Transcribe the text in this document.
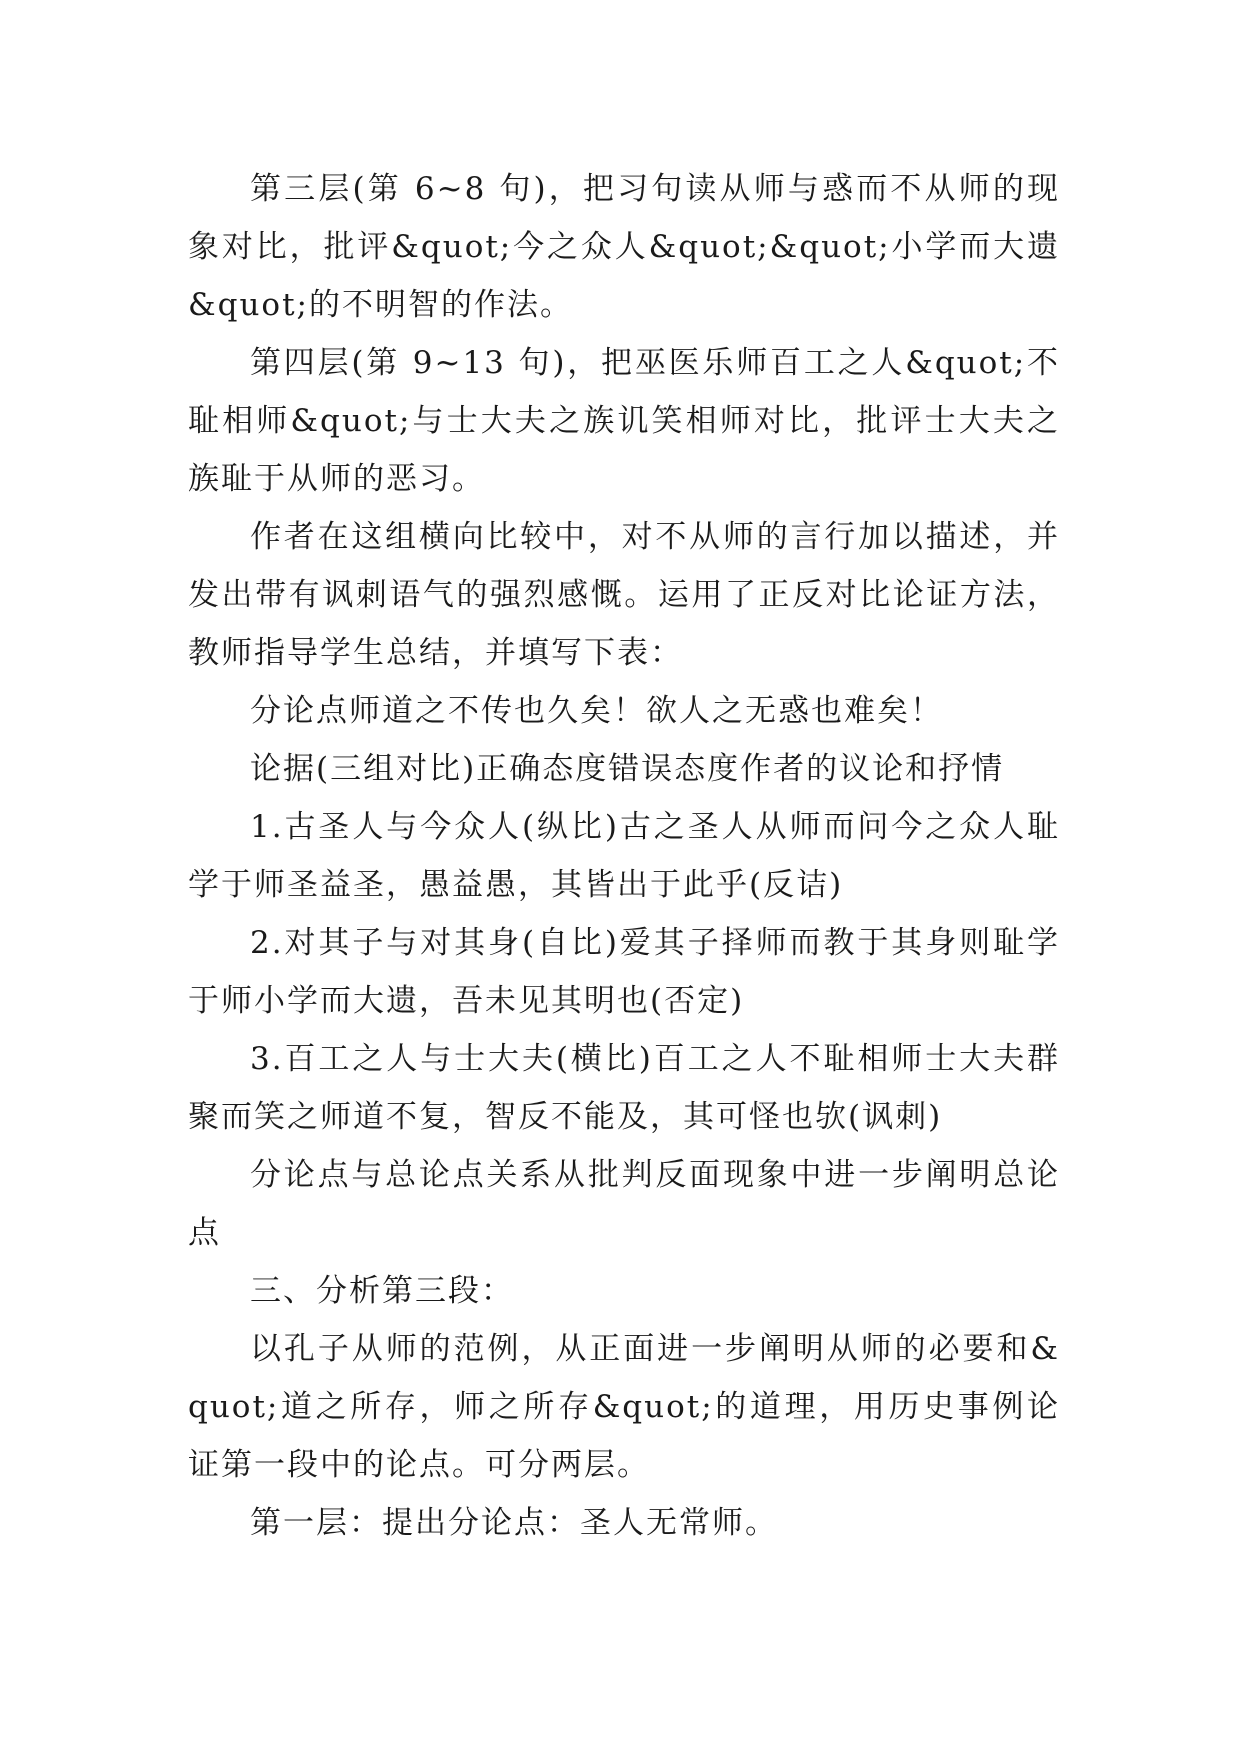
第三层(第 6~8 句)，把习句读从师与惑而不从师的现象对比，批评&quot;今之众人&quot;&quot;小学而大遗&quot;的不明智的作法。

第四层(第 9~13 句)，把巫医乐师百工之人&quot;不耻相师&quot;与士大夫之族讥笑相师对比，批评士大夫之族耻于从师的恶习。

作者在这组横向比较中，对不从师的言行加以描述，并发出带有讽刺语气的强烈感慨。运用了正反对比论证方法，教师指导学生总结，并填写下表：

分论点师道之不传也久矣！欲人之无惑也难矣！

论据(三组对比)正确态度错误态度作者的议论和抒情

1.古圣人与今众人(纵比)古之圣人从师而问今之众人耻学于师圣益圣，愚益愚，其皆出于此乎(反诘)

2.对其子与对其身(自比)爱其子择师而教于其身则耻学于师小学而大遗，吾未见其明也(否定)

3.百工之人与士大夫(横比)百工之人不耻相师士大夫群聚而笑之师道不复，智反不能及，其可怪也欤(讽刺)

分论点与总论点关系从批判反面现象中进一步阐明总论点

三、分析第三段：

以孔子从师的范例，从正面进一步阐明从师的必要和&quot;道之所存，师之所存&quot;的道理，用历史事例论证第一段中的论点。可分两层。

第一层：提出分论点：圣人无常师。
